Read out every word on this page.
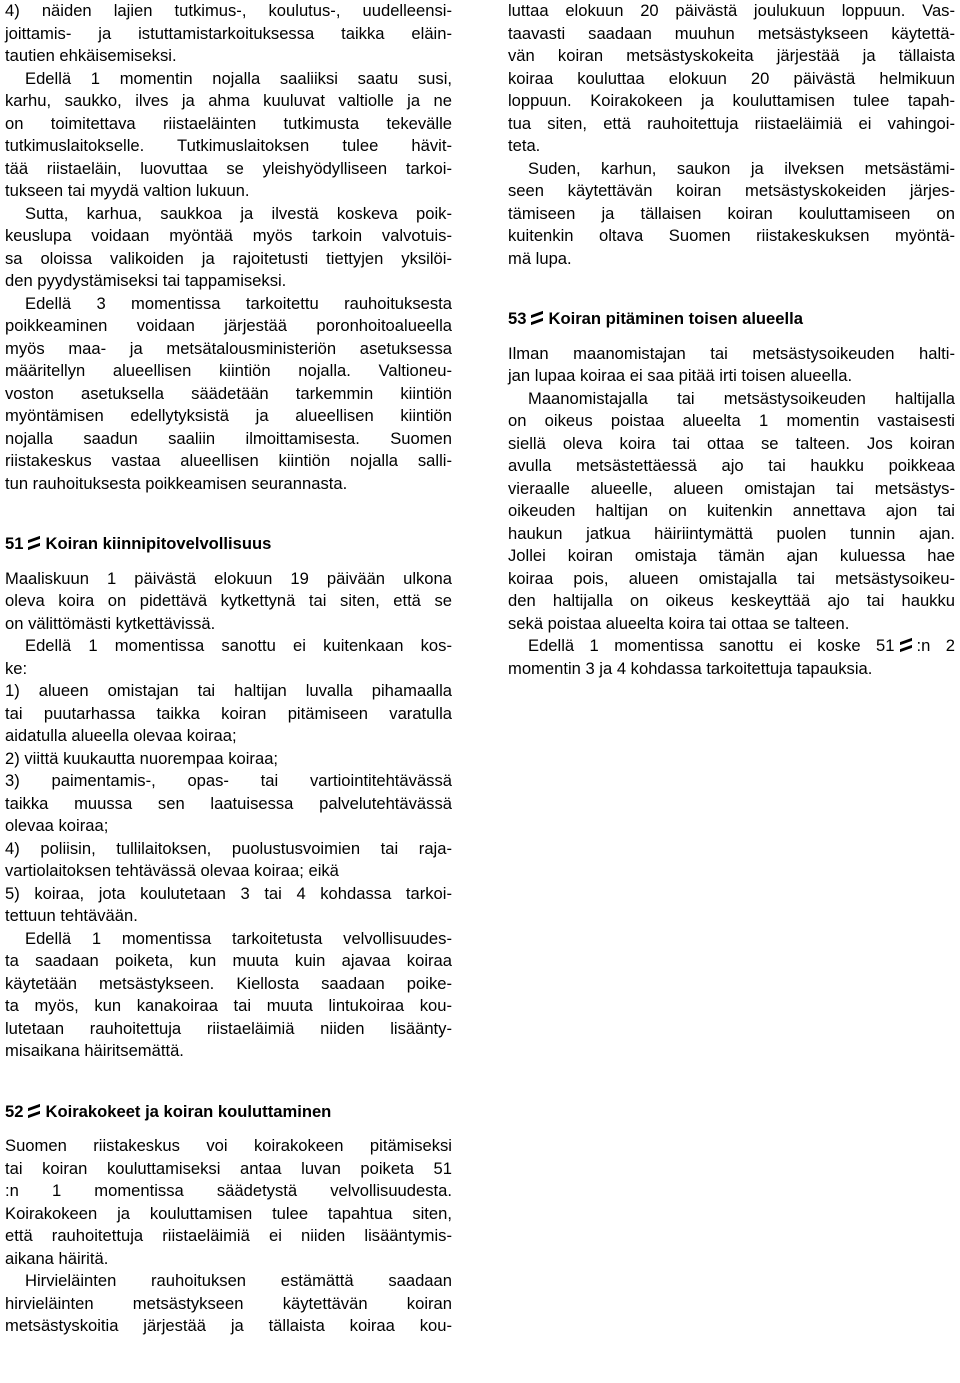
4) näiden lajien tutkimus-, koulutus-, uudelleensi-
joittamis- ja istuttamistarkoituksessa taikka eläin-
tautien ehkäisemiseksi.
Edellä 1 momentin nojalla saaliiksi saatu susi,
karhu, saukko, ilves ja ahma kuuluvat valtiolle ja ne
on toimitettava riistaeläinten tutkimusta tekevälle
tutkimuslaitokselle. Tutkimuslaitoksen tulee hävit-
tää riistaeläin, luovuttaa se yleishyödylliseen tarkoi-
tukseen tai myydä valtion lukuun.
Sutta, karhua, saukkoa ja ilvestä koskeva poik-
keuslupa voidaan myöntää myös tarkoin valvotuis-
sa oloissa valikoiden ja rajoitetusti tiettyjen yksilöi-
den pyydystämiseksi tai tappamiseksi.
Edellä 3 momentissa tarkoitettu rauhoituksesta
poikkeaminen voidaan järjestää poronhoitoalueella
myös maa- ja metsätalousministeriön asetuksessa
määritellyn alueellisen kiintiön nojalla. Valtioneu-
voston asetuksella säädetään tarkemmin kiintiön
myöntämisen edellytyksistä ja alueellisen kiintiön
nojalla saadun saaliin ilmoittamisesta. Suomen
riistakeskus vastaa alueellisen kiintiön nojalla salli-
tun rauhoituksesta poikkeamisen seurannasta.
51 Koiran kiinnipitovelvollisuus
Maaliskuun 1 päivästä elokuun 19 päivään ulkona
oleva koira on pidettävä kytkettynä tai siten, että se
on välittömästi kytkettävissä.
Edellä 1 momentissa sanottu ei kuitenkaan kos-
ke:
1) alueen omistajan tai haltijan luvalla pihamaalla
tai puutarhassa taikka koiran pitämiseen varatulla
aidatulla alueella olevaa koiraa;
2) viittä kuukautta nuorempaa koiraa;
3) paimentamis-, opas- tai vartiointitehtävässä
taikka muussa sen laatuisessa palvelutehtävässä
olevaa koiraa;
4) poliisin, tullilaitoksen, puolustusvoimien tai raja-
vartiolaitoksen tehtävässä olevaa koiraa; eikä
5) koiraa, jota koulutetaan 3 tai 4 kohdassa tarkoi-
tettuun tehtävään.
Edellä 1 momentissa tarkoitetusta velvollisuudes-
ta saadaan poiketa, kun muuta kuin ajavaa koiraa
käytetään metsästykseen. Kiellosta saadaan poike-
ta myös, kun kanakoiraa tai muuta lintukoiraa kou-
lutetaan rauhoitettuja riistaeläimiä niiden lisäänty-
misaikana häiritsemättä.
52 Koirakokeet ja koiran kouluttaminen
Suomen riistakeskus voi koirakokeen pitämiseksi
tai koiran kouluttamiseksi antaa luvan poiketa 51
:n 1 momentissa säädetystä velvollisuudesta.
Koirakokeen ja kouluttamisen tulee tapahtua siten,
että rauhoitettuja riistaeläimiä ei niiden lisääntymis-
aikana häiritä.
Hirvieläinten rauhoituksen estämättä saadaan
hirvieläinten metsästykseen käytettävän koiran
metsästyskoitia järjestää ja tällaista koiraa kou-
luttaa elokuun 20 päivästä joulukuun loppuun. Vas-
taavasti saadaan muuhun metsästykseen käytettä-
vän koiran metsästyskokeita järjestää ja tällaista
koiraa kouluttaa elokuun 20 päivästä helmikuun
loppuun. Koirakokeen ja kouluttamisen tulee tapah-
tua siten, että rauhoitettuja riistaeläimiä ei vahingoi-
teta.
Suden, karhun, saukon ja ilveksen metsästämi-
seen käytettävän koiran metsästyskokeiden järjes-
tämiseen ja tällaisen koiran kouluttamiseen on
kuitenkin oltava Suomen riistakeskuksen myöntä-
mä lupa.
53 Koiran pitäminen toisen alueella
Ilman maanomistajan tai metsästysoikeuden halti-
jan lupaa koiraa ei saa pitää irti toisen alueella.
Maanomistajalla tai metsästysoikeuden haltijalla
on oikeus poistaa alueelta 1 momentin vastaisesti
siellä oleva koira tai ottaa se talteen. Jos koiran
avulla metsästettäessä ajo tai haukku poikkeaa
vieraalle alueelle, alueen omistajan tai metsästys-
oikeuden haltijan on kuitenkin annettava ajon tai
haukun jatkua häiriintymättä puolen tunnin ajan.
Jollei koiran omistaja tämän ajan kuluessa hae
koiraa pois, alueen omistajalla tai metsästysoikeu-
den haltijalla on oikeus keskeyttää ajo tai haukku
sekä poistaa alueelta koira tai ottaa se talteen.
Edellä 1 momentissa sanottu ei koske 51 :n 2
momentin 3 ja 4 kohdassa tarkoitettuja tapauksia.
